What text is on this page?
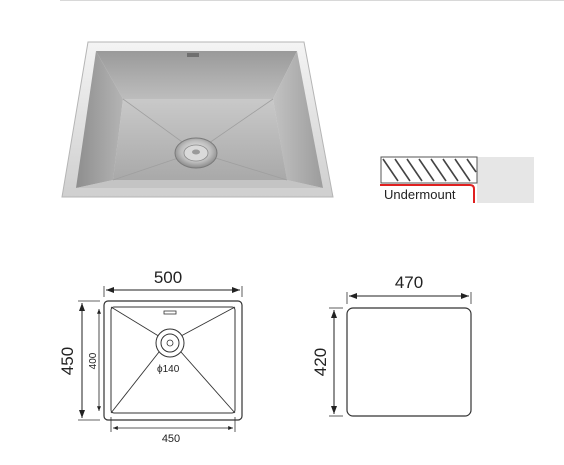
Undermount
ϕ140
500
450 400
450
470
420
